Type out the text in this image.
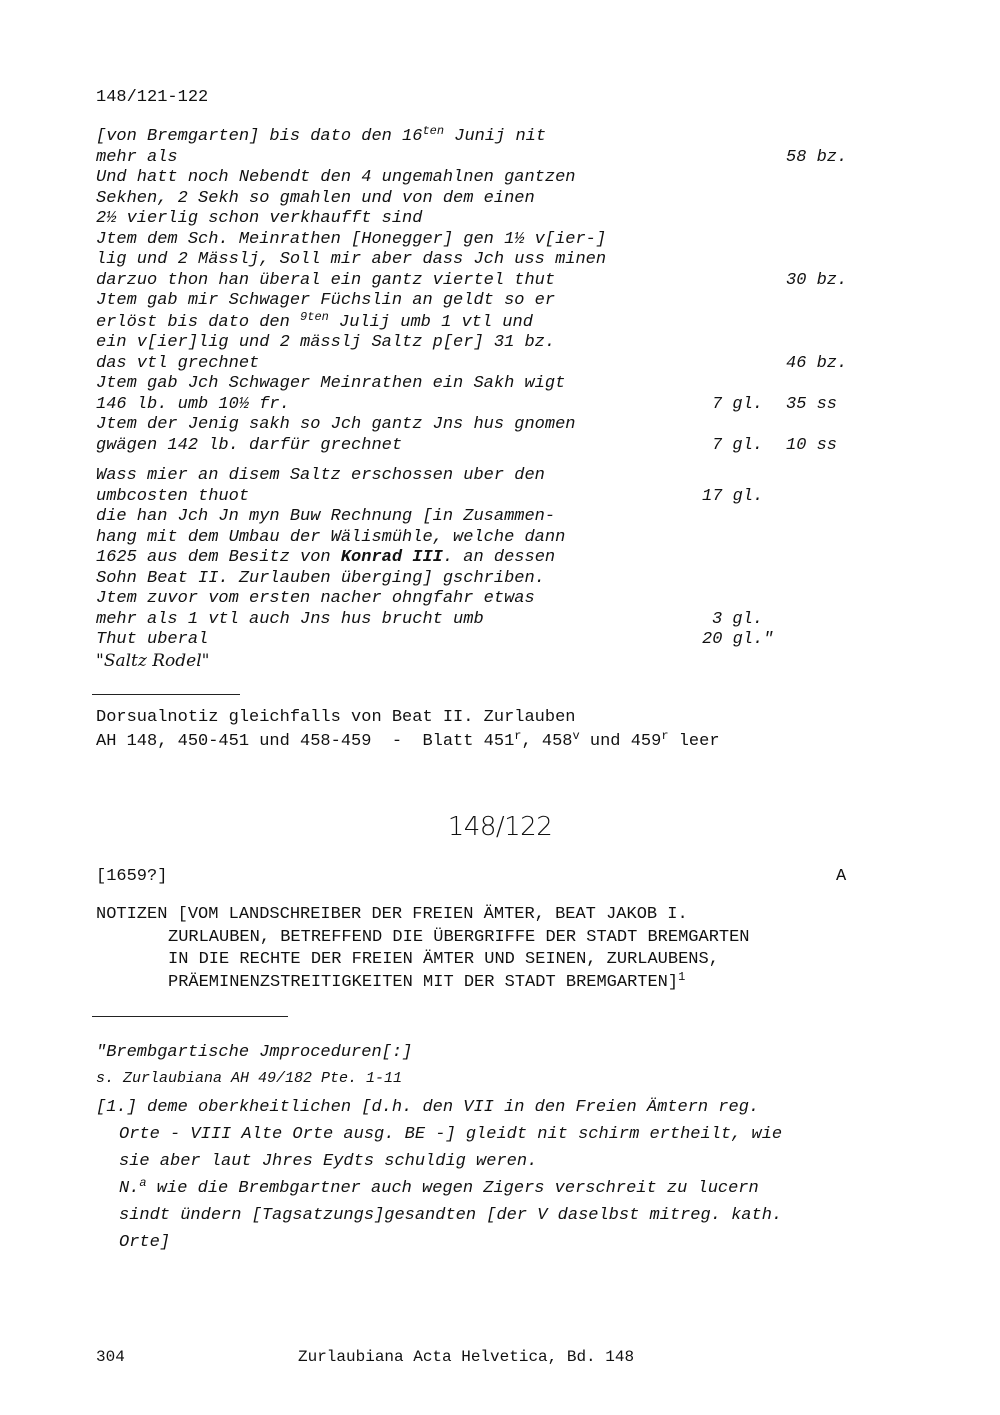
148/121-122
[von Bremgarten] bis dato den $16^{ten}$ Junij nit
mehr als
Und hatt noch Nebendt den 4 ungemahlnen gantzen
Sekhen, 2 Sekh so gmahlen und von dem einen
2½ vierlig schon verkhaufft sind
Jtem dem Sch. Meinrathen [Honegger] gen 1½ v[ier-]
lig und 2 Mässlj, Soll mir aber dass Jch uss minen
darzuo thon han überal ein gantz viertel thut
Jtem gab mir Schwager Füchslin an geldt so er
erlöst bis dato den $^{9ten}$ Julij umb 1 vtl und
ein v[ier]lig und 2 mässlj Saltz p[er] 31 bz.
das vtl grechnet
Jtem gab Jch Schwager Meinrathen ein Sakh wigt
146 lb. umb 10½ fr.
Jtem der Jenig sakh so Jch gantz Jns hus gnomen
gwägen 142 lb. darfür grechnet
58 bz.
30 bz.
46 bz.
7 gl. 35 ss
7 gl. 10 ss
Wass mier an disem Saltz erschossen uber den
umbcosten thuot
die han Jch Jn myn Buw Rechnung [in Zusammen-
hang mit dem Umbau der Wälismühle, welche dann
1625 aus dem Besitz von Konrad III. an dessen
Sohn Beat II. Zurlauben überging] gschriben.
Jtem zuvor vom ersten nacher ohngfahr etwas
mehr als 1 vtl auch Jns hus brucht umb
Thut uberal
"Saltz Rodel"
17 gl.
3 gl.
20 gl."
Dorsualnotiz gleichfalls von Beat II. Zurlauben
AH 148, 450-451 und 458-459  -  Blatt 451$^r$, 458$^v$ und 459$^r$ leer
148/122
[1659?]	A
NOTIZEN [VOM LANDSCHREIBER DER FREIEN ÄMTER, BEAT JAKOB I.
ZURLAUBEN, BETREFFEND DIE ÜBERGRIFFE DER STADT BREMGARTEN
IN DIE RECHTE DER FREIEN ÄMTER UND SEINEN, ZURLAUBENS,
PRÄEMINENZSTREITIGKEITEN MIT DER STADT BREMGARTEN]$^1$
"Brembgartische Jmproceduren[:]
s. Zurlaubiana AH 49/182 Pte. 1-11
[1.] deme oberkheitlichen [d.h. den VII in den Freien Ämtern reg.
Orte - VIII Alte Orte ausg. BE -] gleidt nit schirm ertheilt, wie
sie aber laut Jhres Eydts schuldig weren.
N.$^a$ wie die Brembgartner auch wegen Zigers verschreit zu lucern
sindt ündern [Tagsatzungs]gesandten [der V daselbst mitreg. kath.
Orte]
304	Zurlaubiana Acta Helvetica, Bd. 148
